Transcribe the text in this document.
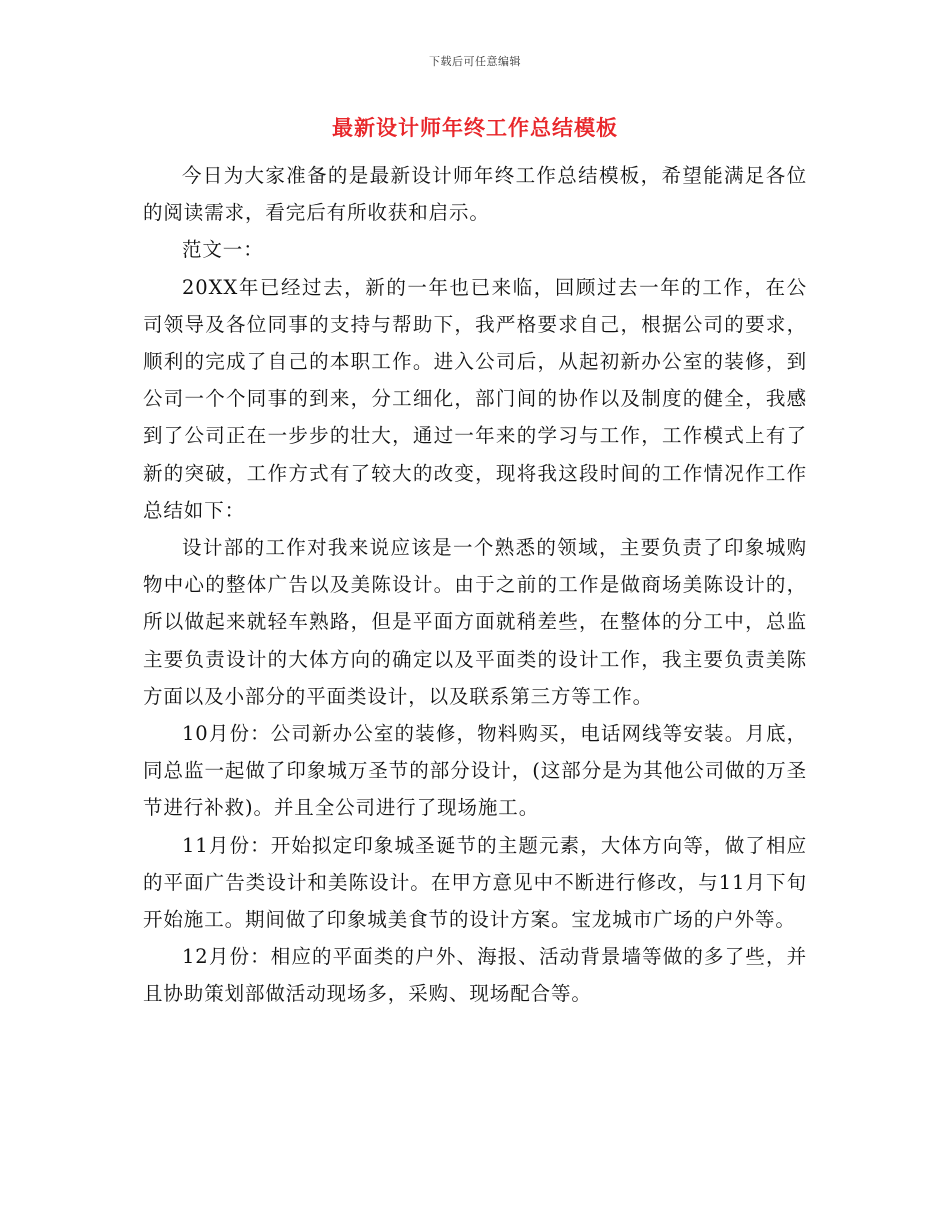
下载后可任意编辑
最新设计师年终工作总结模板

今日为大家准备的是最新设计师年终工作总结模板，希望能满足各位的阅读需求，看完后有所收获和启示。

范文一：

20XX年已经过去，新的一年也已来临，回顾过去一年的工作，在公司领导及各位同事的支持与帮助下，我严格要求自己，根据公司的要求，顺利的完成了自己的本职工作。进入公司后，从起初新办公室的装修，到公司一个个同事的到来，分工细化，部门间的协作以及制度的健全，我感到了公司正在一步步的壮大，通过一年来的学习与工作，工作模式上有了新的突破，工作方式有了较大的改变，现将我这段时间的工作情况作工作总结如下：

设计部的工作对我来说应该是一个熟悉的领域，主要负责了印象城购物中心的整体广告以及美陈设计。由于之前的工作是做商场美陈设计的，所以做起来就轻车熟路，但是平面方面就稍差些，在整体的分工中，总监主要负责设计的大体方向的确定以及平面类的设计工作，我主要负责美陈方面以及小部分的平面类设计，以及联系第三方等工作。

10月份：公司新办公室的装修，物料购买，电话网线等安装。月底，同总监一起做了印象城万圣节的部分设计，(这部分是为其他公司做的万圣节进行补救)。并且全公司进行了现场施工。

11月份：开始拟定印象城圣诞节的主题元素，大体方向等，做了相应的平面广告类设计和美陈设计。在甲方意见中不断进行修改，与11月下旬开始施工。期间做了印象城美食节的设计方案。宝龙城市广场的户外等。

12月份：相应的平面类的户外、海报、活动背景墙等做的多了些，并且协助策划部做活动现场多，采购、现场配合等。
